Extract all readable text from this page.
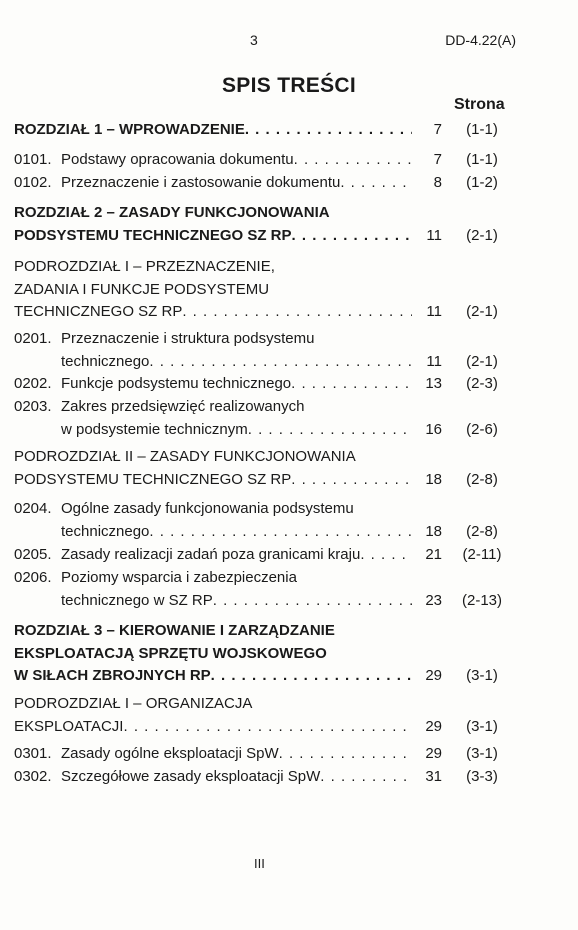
3	DD-4.22(A)
SPIS TREŚCI
Strona
ROZDZIAŁ 1 – WPROWADZENIE . . .	7	(1-1)
0101. Podstawy opracowania dokumentu . . .	7	(1-1)
0102. Przeznaczenie i zastosowanie dokumentu . . .	8	(1-2)
ROZDZIAŁ 2 – ZASADY FUNKCJONOWANIA
PODSYSTEMU TECHNICZNEGO SZ RP . . .	11	(2-1)
PODROZDZIAŁ I – PRZEZNACZENIE,
ZADANIA I FUNKCJE PODSYSTEMU
TECHNICZNEGO SZ RP . . .	11	(2-1)
0201. Przeznaczenie i struktura podsystemu
technicznego . . .	11	(2-1)
0202. Funkcje podsystemu technicznego . . .	13	(2-3)
0203. Zakres przedsięwzięć realizowanych
w podsystemie technicznym . . .	16	(2-6)
PODROZDZIAŁ II – ZASADY FUNKCJONOWANIA
PODSYSTEMU TECHNICZNEGO SZ RP . . .	18	(2-8)
0204. Ogólne zasady funkcjonowania podsystemu
technicznego . . .	18	(2-8)
0205. Zasady realizacji zadań poza granicami kraju . . .	21	(2-11)
0206. Poziomy wsparcia i zabezpieczenia
technicznego w SZ RP . . .	23	(2-13)
ROZDZIAŁ 3 – KIEROWANIE I ZARZĄDZANIE
EKSPLOATACJĄ SPRZĘTU WOJSKOWEGO
W SIŁACH ZBROJNYCH RP . . .	29	(3-1)
PODROZDZIAŁ I – ORGANIZACJA
EKSPLOATACJI . . .	29	(3-1)
0301. Zasady ogólne eksploatacji SpW . . .	29	(3-1)
0302. Szczegółowe zasady eksploatacji SpW . . .	31	(3-3)
III
